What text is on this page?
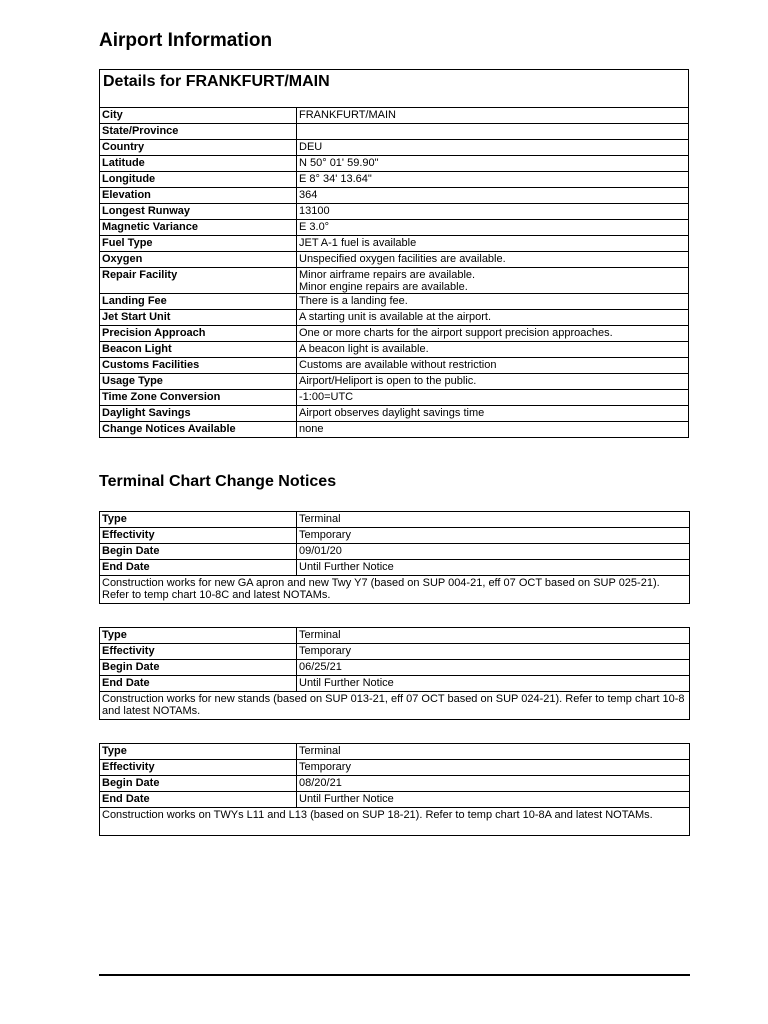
Airport Information
Details for FRANKFURT/MAIN
City	FRANKFURT/MAIN
State/Province	
Country	DEU
Latitude	N 50° 01' 59.90"
Longitude	E 8° 34' 13.64"
Elevation	364
Longest Runway	13100
Magnetic Variance	E 3.0°
Fuel Type	JET A-1 fuel is available
Oxygen	Unspecified oxygen facilities are available.
Repair Facility	Minor airframe repairs are available.
Minor engine repairs are available.

Landing Fee	There is a landing fee.
Jet Start Unit	A starting unit is available at the airport.
Precision Approach	One or more charts for the airport support precision approaches.
Beacon Light	A beacon light is available.
Customs Facilities	Customs are available without restriction
Usage Type	Airport/Heliport is open to the public.
Time Zone Conversion	-1:00=UTC
Daylight Savings	Airport observes daylight savings time
Change Notices Available	none
Terminal Chart Change Notices
Type	Terminal
Effectivity	Temporary
Begin Date	09/01/20
End Date	Until Further Notice
Construction works for new GA apron and new Twy Y7 (based on SUP 004-21, eff 07 OCT based on SUP 025-21). Refer to temp chart 10-8C and latest NOTAMs.	
Type	Terminal
Effectivity	Temporary
Begin Date	06/25/21
End Date	Until Further Notice
Construction works for new stands (based on SUP 013-21, eff 07 OCT based on SUP 024-21). Refer to temp chart 10-8 and latest NOTAMs.	
Type	Terminal
Effectivity	Temporary
Begin Date	08/20/21
End Date	Until Further Notice
Construction works on TWYs L11 and L13 (based on SUP 18-21). Refer to temp chart 10-8A and latest NOTAMs.	
